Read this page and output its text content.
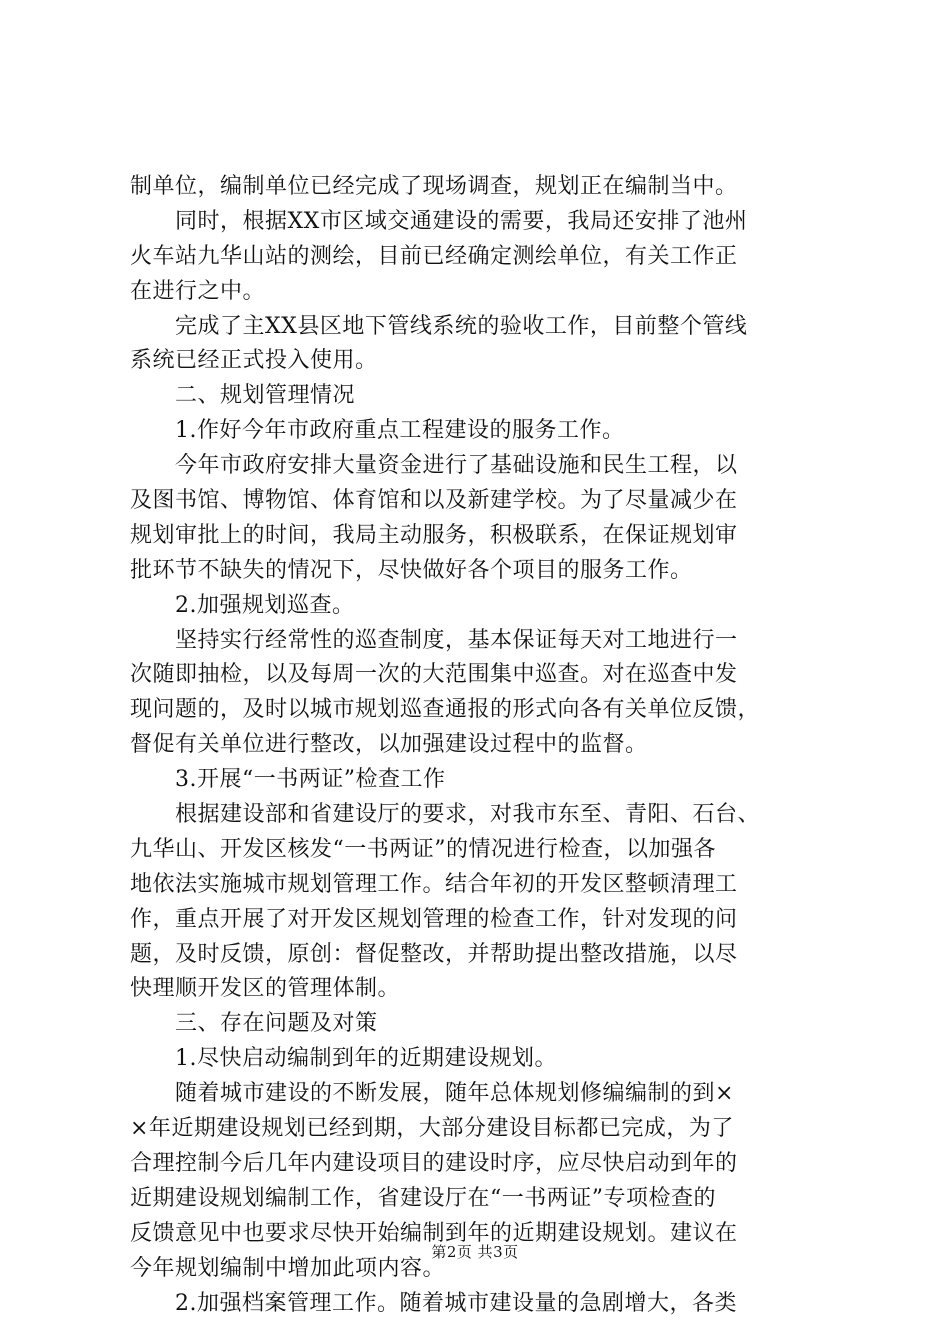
制单位，编制单位已经完成了现场调查，规划正在编制当中。
　　同时，根据XX市区域交通建设的需要，我局还安排了池州
火车站九华山站的测绘，目前已经确定测绘单位，有关工作正
在进行之中。
　　完成了主XX县区地下管线系统的验收工作，目前整个管线
系统已经正式投入使用。
　　二、规划管理情况
　　1.作好今年市政府重点工程建设的服务工作。
　　今年市政府安排大量资金进行了基础设施和民生工程，以
及图书馆、博物馆、体育馆和以及新建学校。为了尽量减少在
规划审批上的时间，我局主动服务，积极联系，在保证规划审
批环节不缺失的情况下，尽快做好各个项目的服务工作。
　　2.加强规划巡查。
　　坚持实行经常性的巡查制度，基本保证每天对工地进行一
次随即抽检，以及每周一次的大范围集中巡查。对在巡查中发
现问题的，及时以城市规划巡查通报的形式向各有关单位反馈，
督促有关单位进行整改，以加强建设过程中的监督。
　　3.开展“一书两证”检查工作
　　根据建设部和省建设厅的要求，对我市东至、青阳、石台、
九华山、开发区核发“一书两证”的情况进行检查，以加强各
地依法实施城市规划管理工作。结合年初的开发区整顿清理工
作，重点开展了对开发区规划管理的检查工作，针对发现的问
题，及时反馈，原创：督促整改，并帮助提出整改措施，以尽
快理顺开发区的管理体制。
　　三、存在问题及对策
　　1.尽快启动编制到年的近期建设规划。
　　随着城市建设的不断发展，随年总体规划修编编制的到×
×年近期建设规划已经到期，大部分建设目标都已完成，为了
合理控制今后几年内建设项目的建设时序，应尽快启动到年的
近期建设规划编制工作，省建设厅在“一书两证”专项检查的
反馈意见中也要求尽快开始编制到年的近期建设规划。建议在
今年规划编制中增加此项内容。
　　2.加强档案管理工作。随着城市建设量的急剧增大，各类
第2页 共3页
